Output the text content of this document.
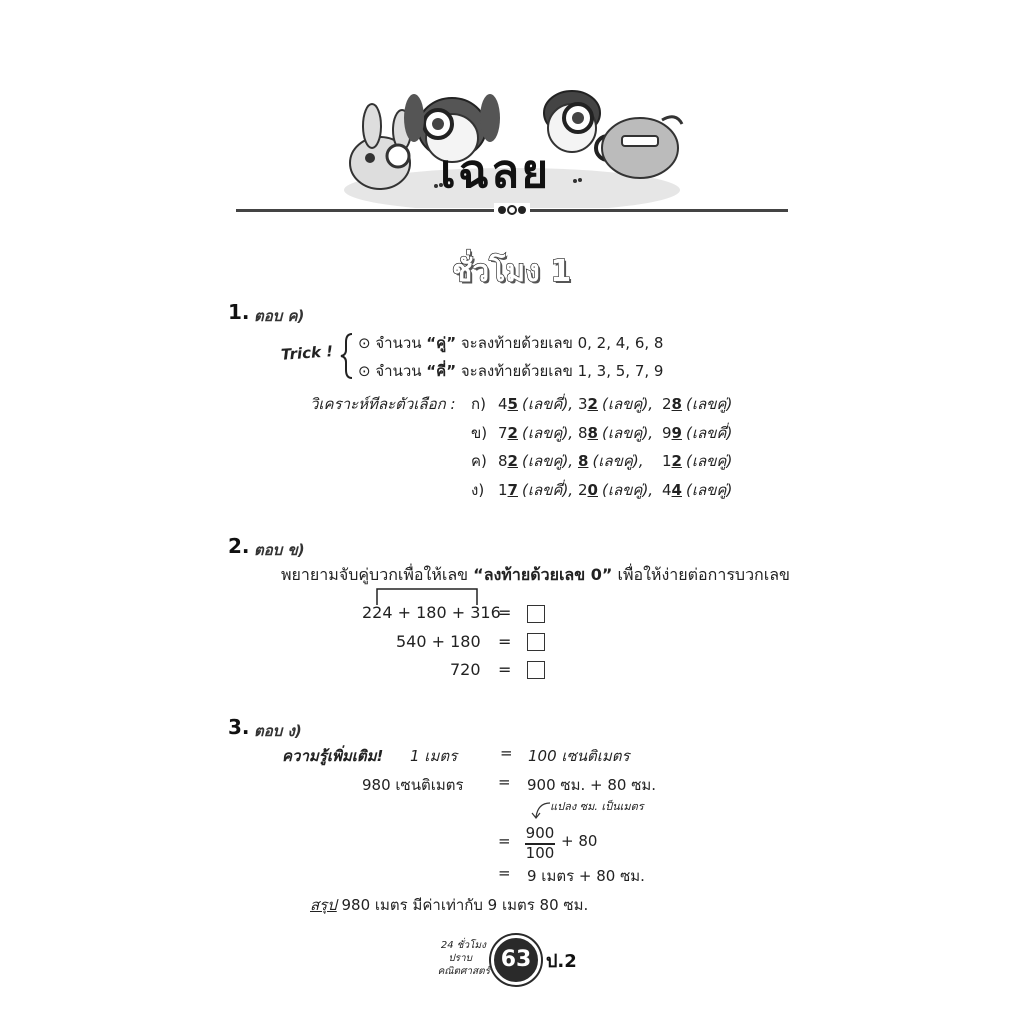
เฉลย
ชั่วโมง 1
1. ตอบ ค)
Trick ! ⊙ จำนวน “คู่” จะลงท้ายด้วยเลข 0, 2, 4, 6, 8
⊙ จำนวน “คี่” จะลงท้ายด้วยเลข 1, 3, 5, 7, 9
วิเคราะห์ทีละตัวเลือก : ก) 45 (เลขคี่), 32 (เลขคู่), 28 (เลขคู่)
ข) 72 (เลขคู่), 88 (เลขคู่), 99 (เลขคี่)
ค) 82 (เลขคู่), 8 (เลขคู่), 12 (เลขคู่)
ง) 17 (เลขคี่), 20 (เลขคู่), 44 (เลขคู่)
2. ตอบ ข)
พยายามจับคู่บวกเพื่อให้เลข “ลงท้ายด้วยเลข 0” เพื่อให้ง่ายต่อการบวกเลข
224 + 180 + 316
=
540 + 180 =
720 =
3. ตอบ ง)
ความรู้เพิ่มเติม! 1 เมตร	= 100 เซนติเมตร
980 เซนติเมตร = 900 ซม. + 80 ซม.
แปลง ซม. เป็นเมตร
= 900
100
+ 80
= 9 เมตร + 80 ซม.
สรุป 980 เมตร มีค่าเท่ากับ 9 เมตร 80 ซม.
24 ชั่วโมง
ปราบ
คณิตศาสตร์ 63 ป.2
